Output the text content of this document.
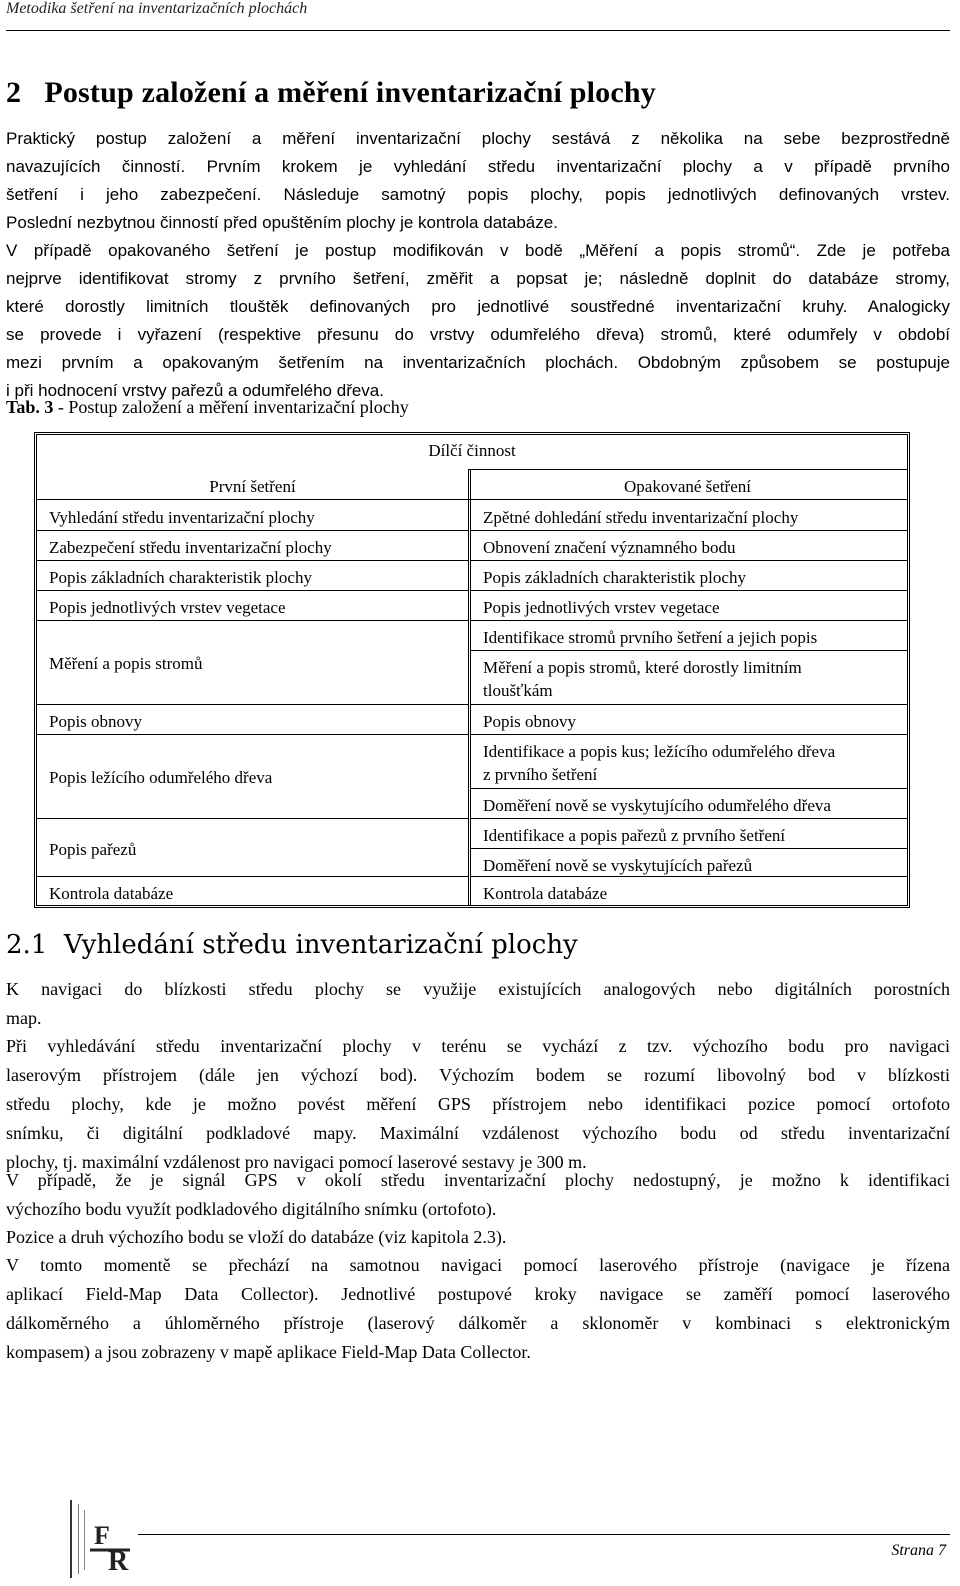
Metodika šetření na inventarizačních plochách
2 Postup založení a měření inventarizační plochy
Praktický postup založení a měření inventarizační plochy sestává z několika na sebe bezprostředně
navazujících činností. Prvním krokem je vyhledání středu inventarizační plochy a v případě prvního
šetření i jeho zabezpečení. Následuje samotný popis plochy, popis jednotlivých definovaných vrstev.
Poslední nezbytnou činností před opuštěním plochy je kontrola databáze.
V případě opakovaného šetření je postup modifikován v bodě „Měření a popis stromů“. Zde je potřeba
nejprve identifikovat stromy z prvního šetření, změřit a popsat je; následně doplnit do databáze stromy,
které dorostly limitních tlouštěk definovaných pro jednotlivé soustředné inventarizační kruhy. Analogicky
se provede i vyřazení (respektive přesunu do vrstvy odumřelého dřeva) stromů, které odumřely v období
mezi prvním a opakovaným šetřením na inventarizačních plochách. Obdobným způsobem se postupuje
i při hodnocení vrstvy pařezů a odumřelého dřeva.
Tab. 3 - Postup založení a měření inventarizační plochy
Dílčí činnost
První šetření	Opakované šetření
Vyhledání středu inventarizační plochy
Zabezpečení středu inventarizační plochy
Popis základních charakteristik plochy
Popis jednotlivých vrstev vegetace
Měření a popis stromů
Popis obnovy
Popis ležícího odumřelého dřeva
Popis pařezů
Kontrola databáze
Zpětné dohledání středu inventarizační plochy
Obnovení značení významného bodu
Popis základních charakteristik plochy
Popis jednotlivých vrstev vegetace
Identifikace stromů prvního šetření a jejich popis
Měření a popis stromů, které dorostly limitním
tloušťkám
Popis obnovy
Identifikace a popis kus; ležícího odumřelého dřeva
z prvního šetření
Doměření nově se vyskytujícího odumřelého dřeva
Identifikace a popis pařezů z prvního šetření
Doměření nově se vyskytujících pařezů
Kontrola databáze
2.1 Vyhledání středu inventarizační plochy
K navigaci do blízkosti středu plochy se využije existujících analogových nebo digitálních porostních
map.
Při vyhledávání středu inventarizační plochy v terénu se vychází z tzv. výchozího bodu pro navigaci
laserovým přístrojem (dále jen výchozí bod). Výchozím bodem se rozumí libovolný bod v blízkosti
středu plochy, kde je možno povést měření GPS přístrojem nebo identifikaci pozice pomocí ortofoto
snímku, či digitální podkladové mapy. Maximální vzdálenost výchozího bodu od středu inventarizační
plochy, tj. maximální vzdálenost pro navigaci pomocí laserové sestavy je 300 m.
V případě, že je signál GPS v okolí středu inventarizační plochy nedostupný, je možno k identifikaci
výchozího bodu využít podkladového digitálního snímku (ortofoto).
Pozice a druh výchozího bodu se vloží do databáze (viz kapitola 2.3).
V tomto momentě se přechází na samotnou navigaci pomocí laserového přístroje (navigace je řízena
aplikací Field-Map Data Collector). Jednotlivé postupové kroky navigace se zaměří pomocí laserového
dálkoměrného a úhloměrného přístroje (laserový dálkoměr a sklonoměr v kombinaci s elektronickým
kompasem) a jsou zobrazeny v mapě aplikace Field-Map Data Collector.
F
R	Strana 7
